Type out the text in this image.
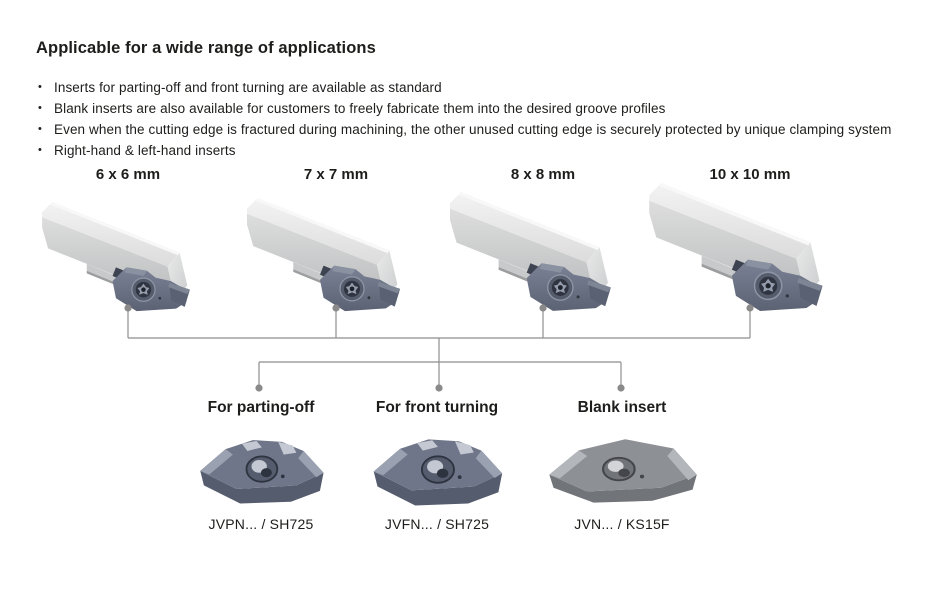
Applicable for a wide range of applications
• Inserts for parting-off and front turning are available as standard
• Blank inserts are also available for customers to freely fabricate them into the desired groove profiles
• Even when the cutting edge is fractured during machining, the other unused cutting edge is securely protected by unique clamping system
• Right-hand & left-hand inserts
6 x 6 mm	7 x 7 mm	8 x 8 mm	10 x 10 mm
For parting-off
JVPN... / SH725
For front turning
JVFN... / SH725
Blank insert
JVN... / KS15F
